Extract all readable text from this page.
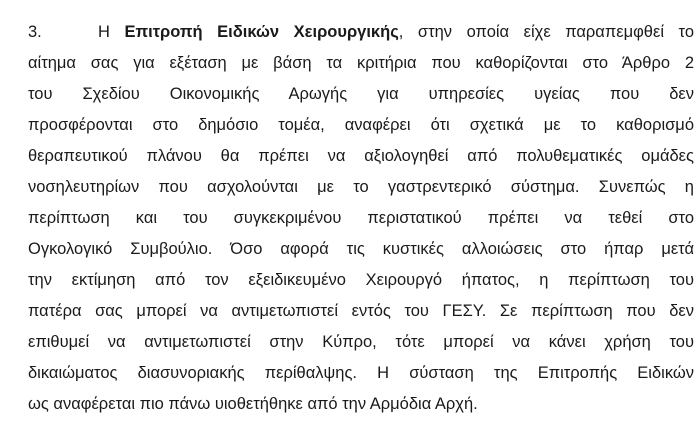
3.	Η Επιτροπή Ειδικών Χειρουργικής, στην οποία είχε παραπεμφθεί το
αίτημα σας για εξέταση με βάση τα κριτήρια που καθορίζονται στο Άρθρο 2
του Σχεδίου Οικονομικής Αρωγής για υπηρεσίες υγείας που δεν
προσφέρονται στο δημόσιο τομέα, αναφέρει ότι σχετικά με το καθορισμό
θεραπευτικού πλάνου θα πρέπει να αξιολογηθεί από πολυθεματικές ομάδες
νοσηλευτηρίων που ασχολούνται με το γαστρεντερικό σύστημα. Συνεπώς η
περίπτωση και του συγκεκριμένου περιστατικού πρέπει να τεθεί στο
Ογκολογικό Συμβούλιο. Όσο αφορά τις κυστικές αλλοιώσεις στο ήπαρ μετά
την εκτίμηση από τον εξειδικευμένο Χειρουργό ήπατος, η περίπτωση του
πατέρα σας μπορεί να αντιμετωπιστεί εντός του ΓΕΣΥ. Σε περίπτωση που δεν
επιθυμεί να αντιμετωπιστεί στην Κύπρο, τότε μπορεί να κάνει χρήση του
δικαιώματος διασυνοριακής περίθαλψης. Η σύσταση της Επιτροπής Ειδικών
ως αναφέρεται πιο πάνω υιοθετήθηκε από την Αρμόδια Αρχή.
